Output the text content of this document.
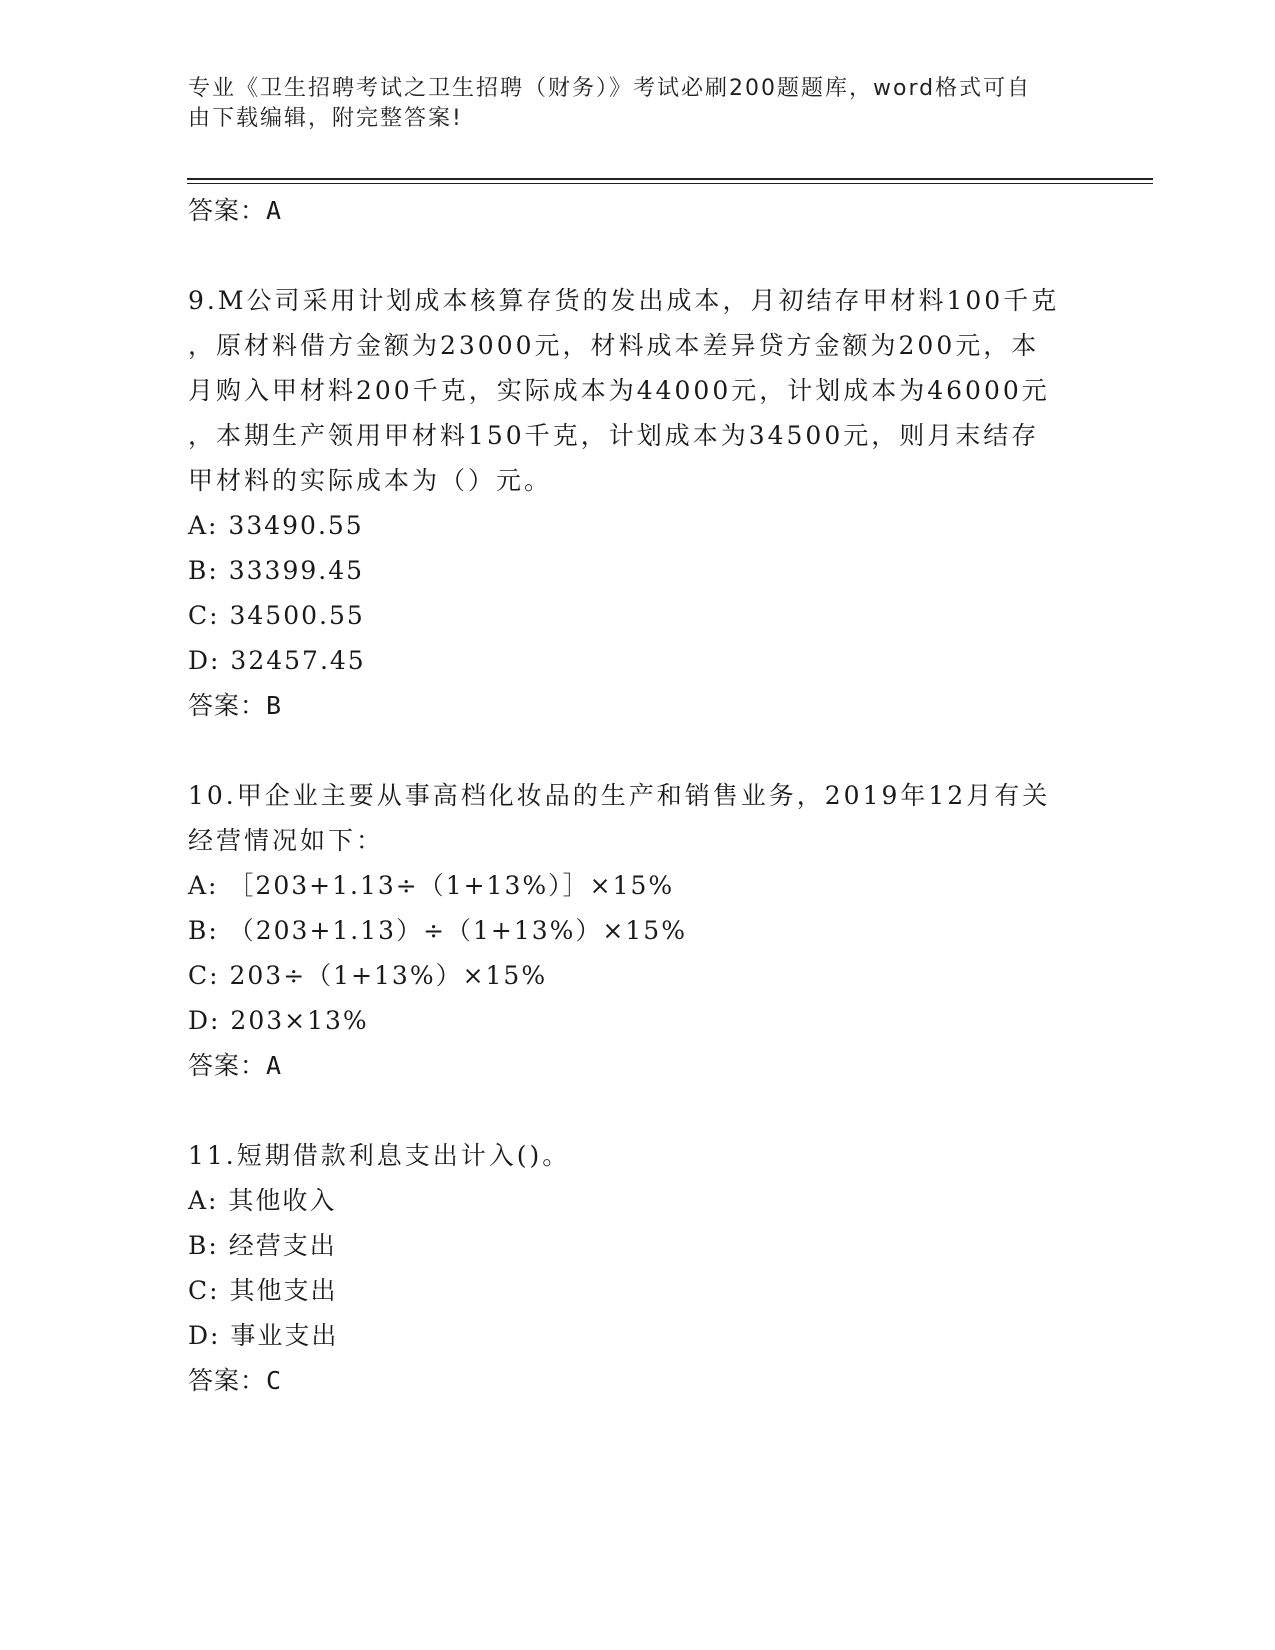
专业《卫生招聘考试之卫生招聘（财务）》考试必刷200题题库，word格式可自
由下载编辑，附完整答案!
答案：A
9.M公司采用计划成本核算存货的发出成本，月初结存甲材料100千克
，原材料借方金额为23000元，材料成本差异贷方金额为200元，本
月购入甲材料200千克，实际成本为44000元，计划成本为46000元
，本期生产领用甲材料150千克，计划成本为34500元，则月末结存
甲材料的实际成本为（）元。
A: 33490.55
B: 33399.45
C: 34500.55
D: 32457.45
答案：B
10.甲企业主要从事高档化妆品的生产和销售业务，2019年12月有关
经营情况如下：
A: ［203+1.13÷（1+13%）］×15%
B: （203+1.13）÷（1+13%）×15%
C: 203÷（1+13%）×15%
D: 203×13%
答案：A
11.短期借款利息支出计入()。
A: 其他收入
B: 经营支出
C: 其他支出
D: 事业支出
答案：C
